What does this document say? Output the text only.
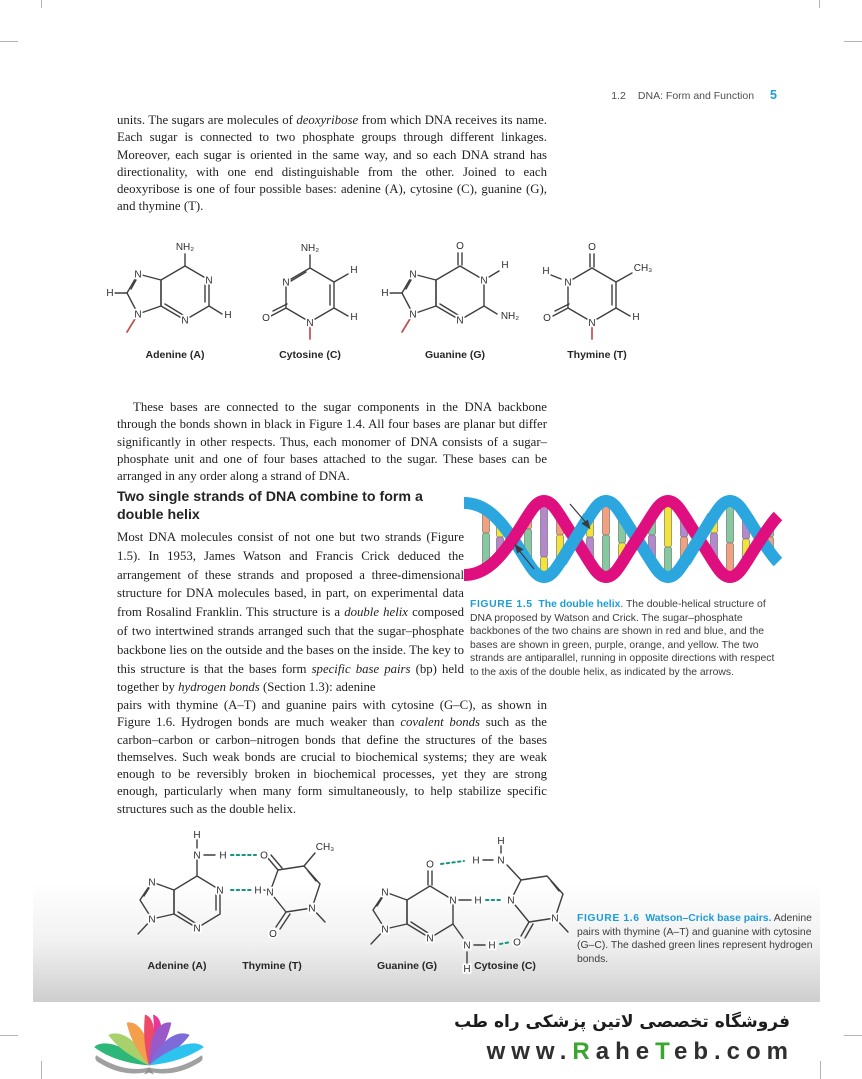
1.2 DNA: Form and Function 5
units. The sugars are molecules of deoxyribose from which DNA receives its name. Each sugar is connected to two phosphate groups through different linkages. Moreover, each sugar is oriented in the same way, and so each DNA strand has directionality, with one end distinguishable from the other. Joined to each deoxyribose is one of four possible bases: adenine (A), cytosine (C), guanine (G), and thymine (T).
NH₂
H
N
N
N
N	H
NH₂
N
O
H
H
N
O
N
H
NH₂
N
N
N
H
O
CH₃
N
H
O	H
N
Adenine (A)	Cytosine (C)	Guanine (G)	Thymine (T)
These bases are connected to the sugar components in the DNA backbone through the bonds shown in black in Figure 1.4. All four bases are planar but differ significantly in other respects. Thus, each monomer of DNA consists of a sugar–phosphate unit and one of four bases attached to the sugar. These bases can be arranged in any order along a strand of DNA.
Two single strands of DNA combine to form a double helix
Most DNA molecules consist of not one but two strands (Figure 1.5). In 1953, James Watson and Francis Crick deduced the arrangement of these strands and proposed a three-dimensional structure for DNA molecules based, in part, on experimental data from Rosalind Franklin. This structure is a double helix composed of two intertwined strands arranged such that the sugar–phosphate backbone lies on the outside and the bases on the inside. The key to this structure is that the bases form specific base pairs (bp) held together by hydrogen bonds (Section 1.3): adenine
FIGURE 1.5 The double helix. The double-helical structure of DNA proposed by Watson and Crick. The sugar–phosphate backbones of the two chains are shown in red and blue, and the bases are shown in green, purple, orange, and yellow. The two strands are antiparallel, running in opposite directions with respect to the axis of the double helix, as indicated by the arrows.
pairs with thymine (A–T) and guanine pairs with cytosine (G–C), as shown in Figure 1.6. Hydrogen bonds are much weaker than covalent bonds such as the carbon–carbon or carbon–nitrogen bonds that define the structures of the bases themselves. Such weak bonds are crucial to biochemical systems; they are weak enough to be reversibly broken in biochemical processes, yet they are strong enough, particularly when many form simultaneously, to help stabilize specific structures such as the double helix.
N
N
N
N
N
H
H	O
H N
CH₃
O
N
N
N
N
O
N H
N H
H
N
H
H
N
O
N
Adenine (A)	Thymine (T)	Guanine (G)	Cytosine (C)
FIGURE 1.6 Watson–Crick base pairs. Adenine pairs with thymine (A–T) and guanine with cytosine (G–C). The dashed green lines represent hydrogen bonds.
فروشگاه تخصصی لاتین پزشکی راه طب
www.RaheTeb.com
